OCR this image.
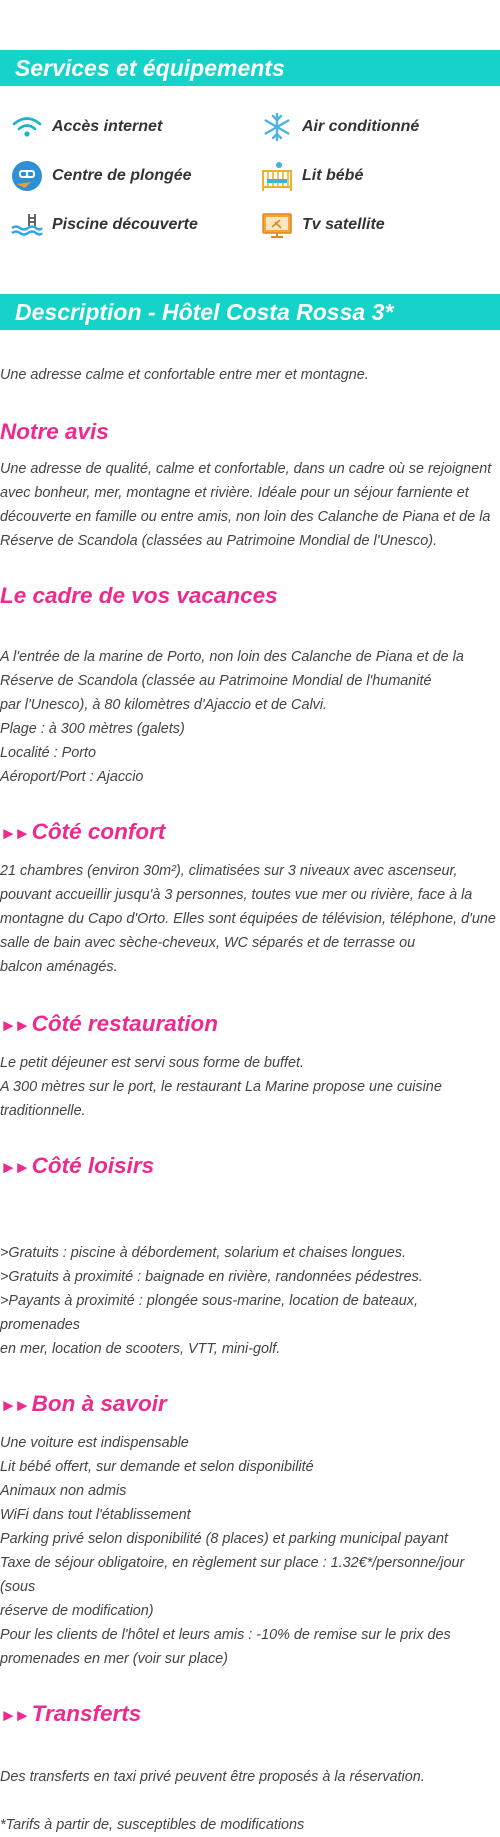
Services et équipements
Accès internet	Air conditionné
Centre de plongée	Lit bébé
Piscine découverte	Tv satellite
Description - Hôtel Costa Rossa 3*

Une adresse calme et confortable entre mer et montagne.

Notre avis
Une adresse de qualité, calme et confortable, dans un cadre où se rejoignent
avec bonheur, mer, montagne et rivière. Idéale pour un séjour farniente et
découverte en famille ou entre amis, non loin des Calanche de Piana et de la
Réserve de Scandola (classées au Patrimoine Mondial de l'Unesco).
Le cadre de vos vacances
A l'entrée de la marine de Porto, non loin des Calanche de Piana et de la
Réserve de Scandola (classée au Patrimoine Mondial de l'humanité
par l'Unesco), à 80 kilomètres d'Ajaccio et de Calvi.
Plage : à 300 mètres (galets)
Localité : Porto
Aéroport/Port : Ajaccio
►► Côté confort
21 chambres (environ 30m²), climatisées sur 3 niveaux avec ascenseur,
pouvant accueillir jusqu'à 3 personnes, toutes vue mer ou rivière, face à la
montagne du Capo d'Orto. Elles sont équipées de télévision, téléphone, d'une
salle de bain avec sèche-cheveux, WC séparés et de terrasse ou
balcon aménagés.
►► Côté restauration
Le petit déjeuner est servi sous forme de buffet.
A 300 mètres sur le port, le restaurant La Marine propose une cuisine
traditionnelle.
►► Côté loisirs
>Gratuits : piscine à débordement, solarium et chaises longues.
>Gratuits à proximité : baignade en rivière, randonnées pédestres.
>Payants à proximité : plongée sous-marine, location de bateaux, promenades
en mer, location de scooters, VTT, mini-golf.
►► Bon à savoir
Une voiture est indispensable
Lit bébé offert, sur demande et selon disponibilité
Animaux non admis
WiFi dans tout l'établissement
Parking privé selon disponibilité (8 places) et parking municipal payant
Taxe de séjour obligatoire, en règlement sur place : 1.32€*/personne/jour (sous
réserve de modification)
Pour les clients de l'hôtel et leurs amis : -10% de remise sur le prix des
promenades en mer (voir sur place)
►► Transferts

Des transferts en taxi privé peuvent être proposés à la réservation.

*Tarifs à partir de, susceptibles de modifications
